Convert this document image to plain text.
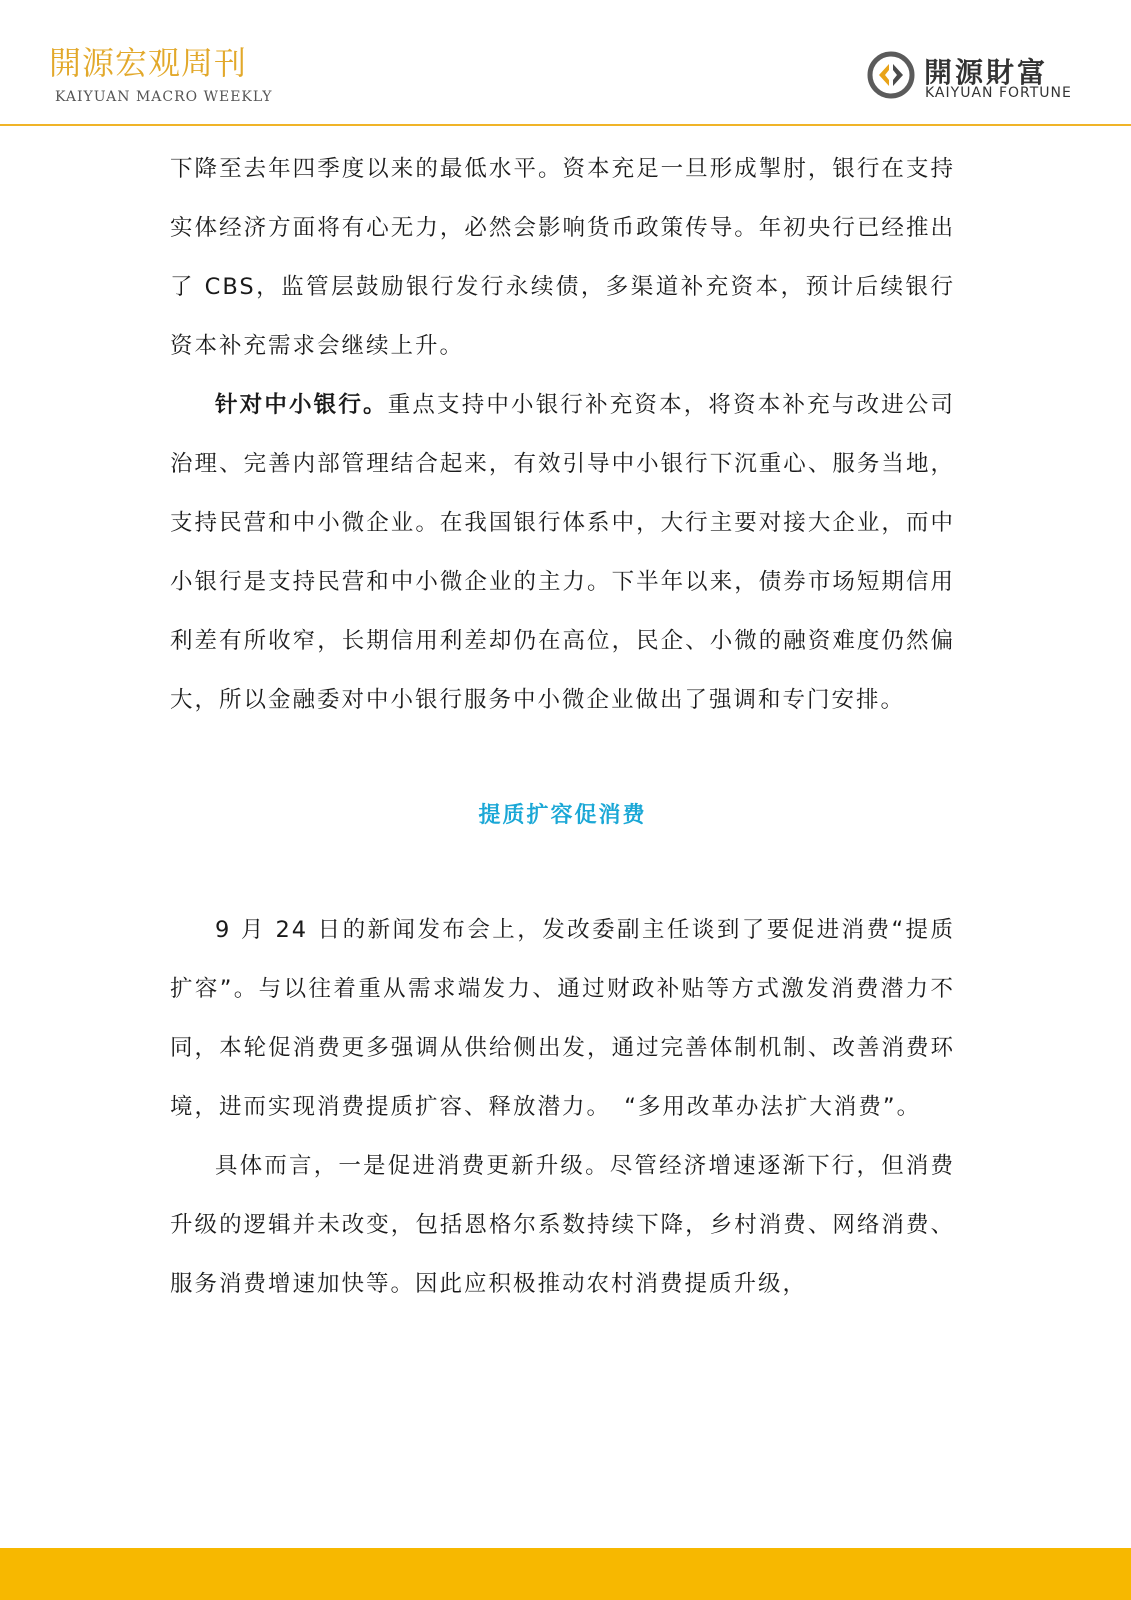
開源宏观周刊
KAIYUAN MACRO WEEKLY
開源財富
KAIYUAN FORTUNE

下降至去年四季度以来的最低水平。资本充足一旦形成掣肘，银行在支持实体经济方面将有心无力，必然会影响货币政策传导。年初央行已经推出了 CBS，监管层鼓励银行发行永续债，多渠道补充资本，预计后续银行资本补充需求会继续上升。

针对中小银行。重点支持中小银行补充资本，将资本补充与改进公司治理、完善内部管理结合起来，有效引导中小银行下沉重心、服务当地，支持民营和中小微企业。在我国银行体系中，大行主要对接大企业，而中小银行是支持民营和中小微企业的主力。下半年以来，债券市场短期信用利差有所收窄，长期信用利差却仍在高位，民企、小微的融资难度仍然偏大，所以金融委对中小银行服务中小微企业做出了强调和专门安排。

提质扩容促消费

9 月 24 日的新闻发布会上，发改委副主任谈到了要促进消费“提质扩容”。与以往着重从需求端发力、通过财政补贴等方式激发消费潜力不同，本轮促消费更多强调从供给侧出发，通过完善体制机制、改善消费环境，进而实现消费提质扩容、释放潜力。　“多用改革办法扩大消费”。

具体而言，一是促进消费更新升级。尽管经济增速逐渐下行，但消费升级的逻辑并未改变，包括恩格尔系数持续下降，乡村消费、网络消费、服务消费增速加快等。因此应积极推动农村消费提质升级，
